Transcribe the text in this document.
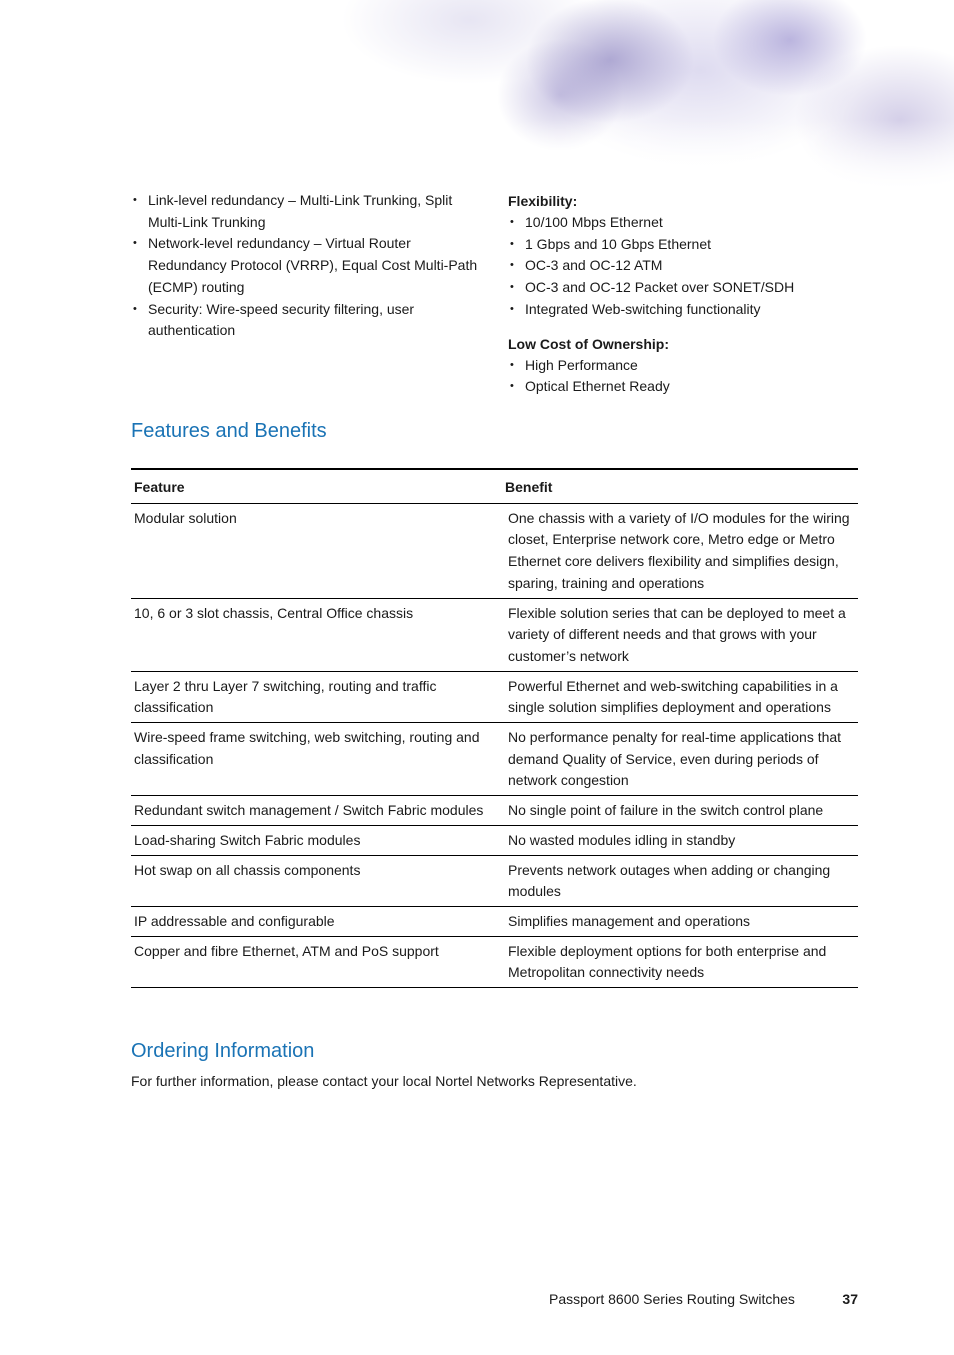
• Link-level redundancy – Multi-Link Trunking, Split Multi-Link Trunking
• Network-level redundancy – Virtual Router Redundancy Protocol (VRRP), Equal Cost Multi-Path (ECMP) routing
• Security: Wire-speed security filtering, user authentication
Flexibility:
• 10/100 Mbps Ethernet
• 1 Gbps and 10 Gbps Ethernet
• OC-3 and OC-12 ATM
• OC-3 and OC-12 Packet over SONET/SDH
• Integrated Web-switching functionality
Low Cost of Ownership:
• High Performance
• Optical Ethernet Ready
Features and Benefits
Feature	Benefit
Modular solution	One chassis with a variety of I/O modules for the wiring closet, Enterprise network core, Metro edge or Metro Ethernet core delivers flexibility and simplifies design, sparing, training and operations
10, 6 or 3 slot chassis, Central Office chassis	Flexible solution series that can be deployed to meet a variety of different needs and that grows with your customer’s network
Layer 2 thru Layer 7 switching, routing and traffic classification	Powerful Ethernet and web-switching capabilities in a single solution simplifies deployment and operations
Wire-speed frame switching, web switching, routing and classification	No performance penalty for real-time applications that demand Quality of Service, even during periods of network congestion
Redundant switch management / Switch Fabric modules	No single point of failure in the switch control plane
Load-sharing Switch Fabric modules	No wasted modules idling in standby
Hot swap on all chassis components	Prevents network outages when adding or changing modules
IP addressable and configurable	Simplifies management and operations
Copper and fibre Ethernet, ATM and PoS support	Flexible deployment options for both enterprise and Metropolitan connectivity needs
Ordering Information
For further information, please contact your local Nortel Networks Representative.
Passport 8600 Series Routing Switches	37
